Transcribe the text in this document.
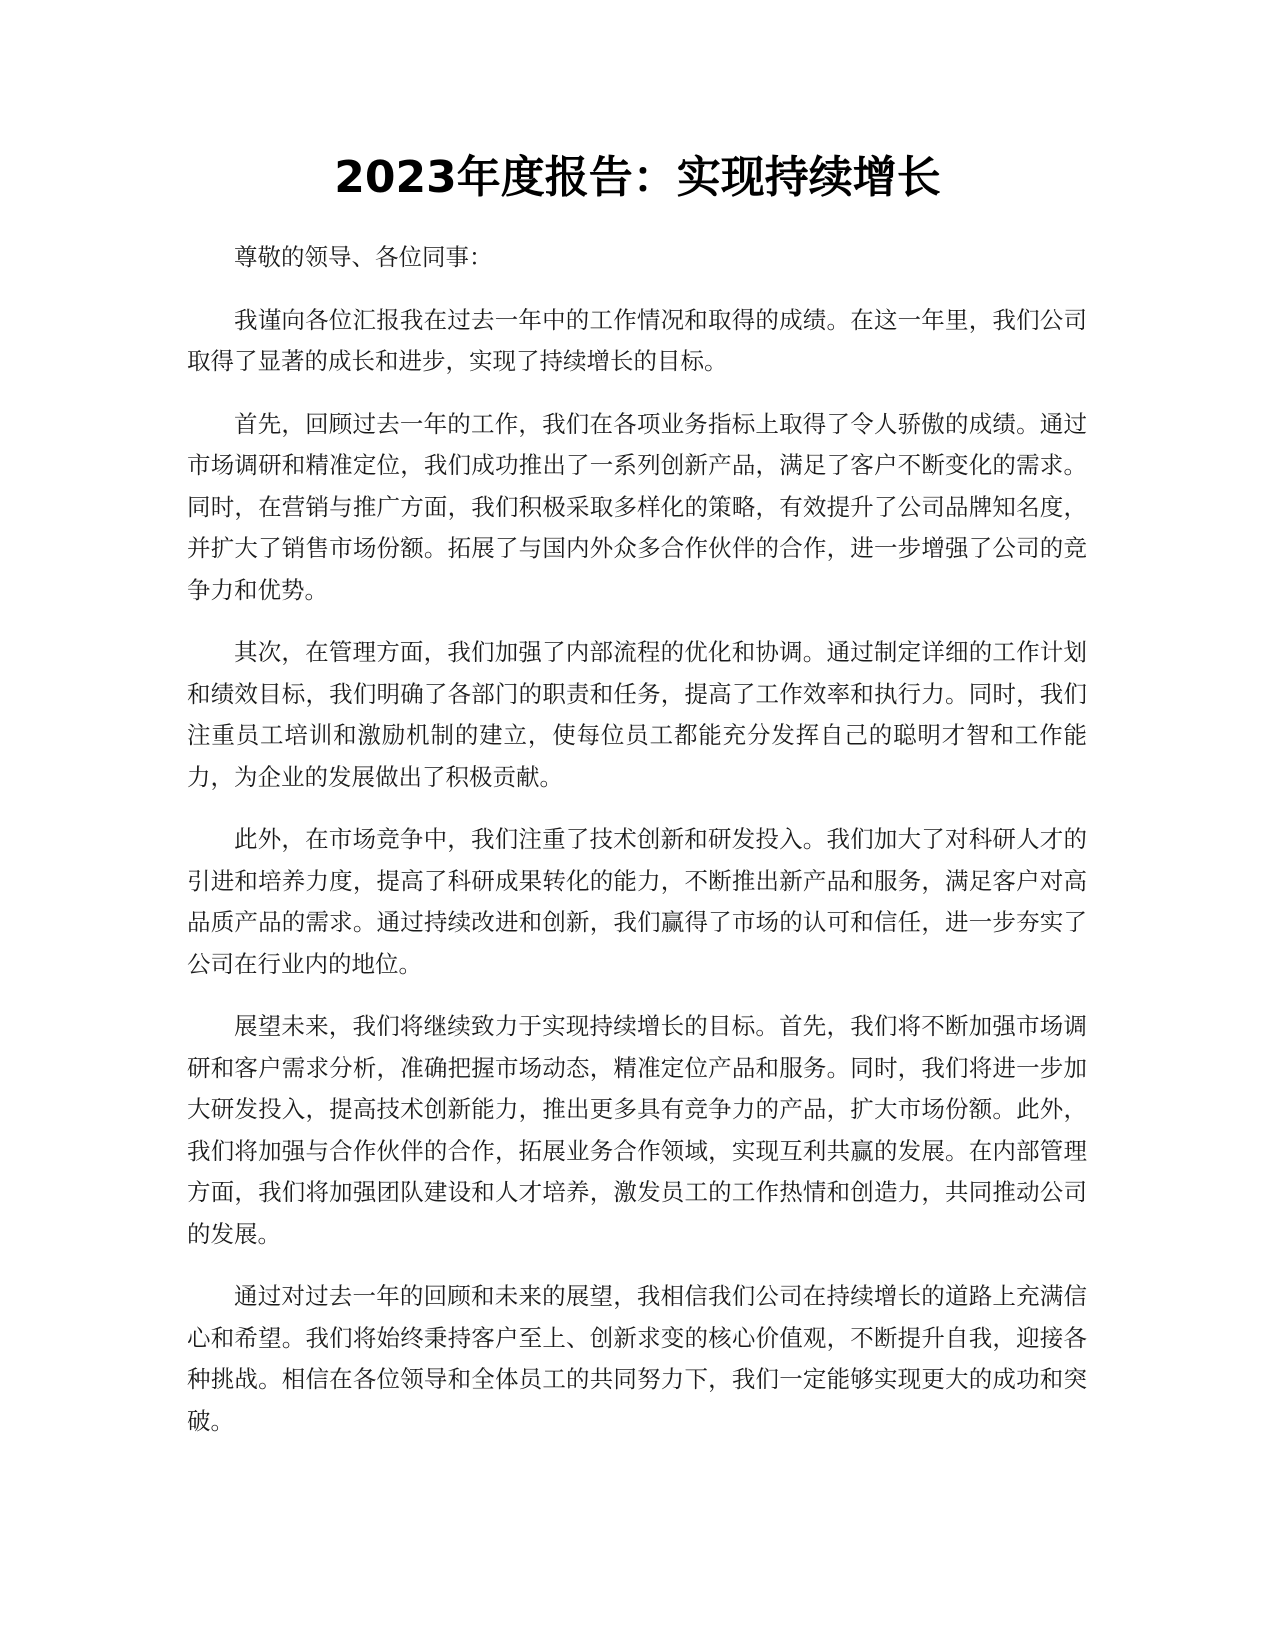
2023年度报告：实现持续增长

尊敬的领导、各位同事：

我谨向各位汇报我在过去一年中的工作情况和取得的成绩。在这一年里，我们公司取得了显著的成长和进步，实现了持续增长的目标。

首先，回顾过去一年的工作，我们在各项业务指标上取得了令人骄傲的成绩。通过市场调研和精准定位，我们成功推出了一系列创新产品，满足了客户不断变化的需求。同时，在营销与推广方面，我们积极采取多样化的策略，有效提升了公司品牌知名度，并扩大了销售市场份额。拓展了与国内外众多合作伙伴的合作，进一步增强了公司的竞争力和优势。

其次，在管理方面，我们加强了内部流程的优化和协调。通过制定详细的工作计划和绩效目标，我们明确了各部门的职责和任务，提高了工作效率和执行力。同时，我们注重员工培训和激励机制的建立，使每位员工都能充分发挥自己的聪明才智和工作能力，为企业的发展做出了积极贡献。

此外，在市场竞争中，我们注重了技术创新和研发投入。我们加大了对科研人才的引进和培养力度，提高了科研成果转化的能力，不断推出新产品和服务，满足客户对高品质产品的需求。通过持续改进和创新，我们赢得了市场的认可和信任，进一步夯实了公司在行业内的地位。

展望未来，我们将继续致力于实现持续增长的目标。首先，我们将不断加强市场调研和客户需求分析，准确把握市场动态，精准定位产品和服务。同时，我们将进一步加大研发投入，提高技术创新能力，推出更多具有竞争力的产品，扩大市场份额。此外，我们将加强与合作伙伴的合作，拓展业务合作领域，实现互利共赢的发展。在内部管理方面，我们将加强团队建设和人才培养，激发员工的工作热情和创造力，共同推动公司的发展。

通过对过去一年的回顾和未来的展望，我相信我们公司在持续增长的道路上充满信心和希望。我们将始终秉持客户至上、创新求变的核心价值观，不断提升自我，迎接各种挑战。相信在各位领导和全体员工的共同努力下，我们一定能够实现更大的成功和突破。
